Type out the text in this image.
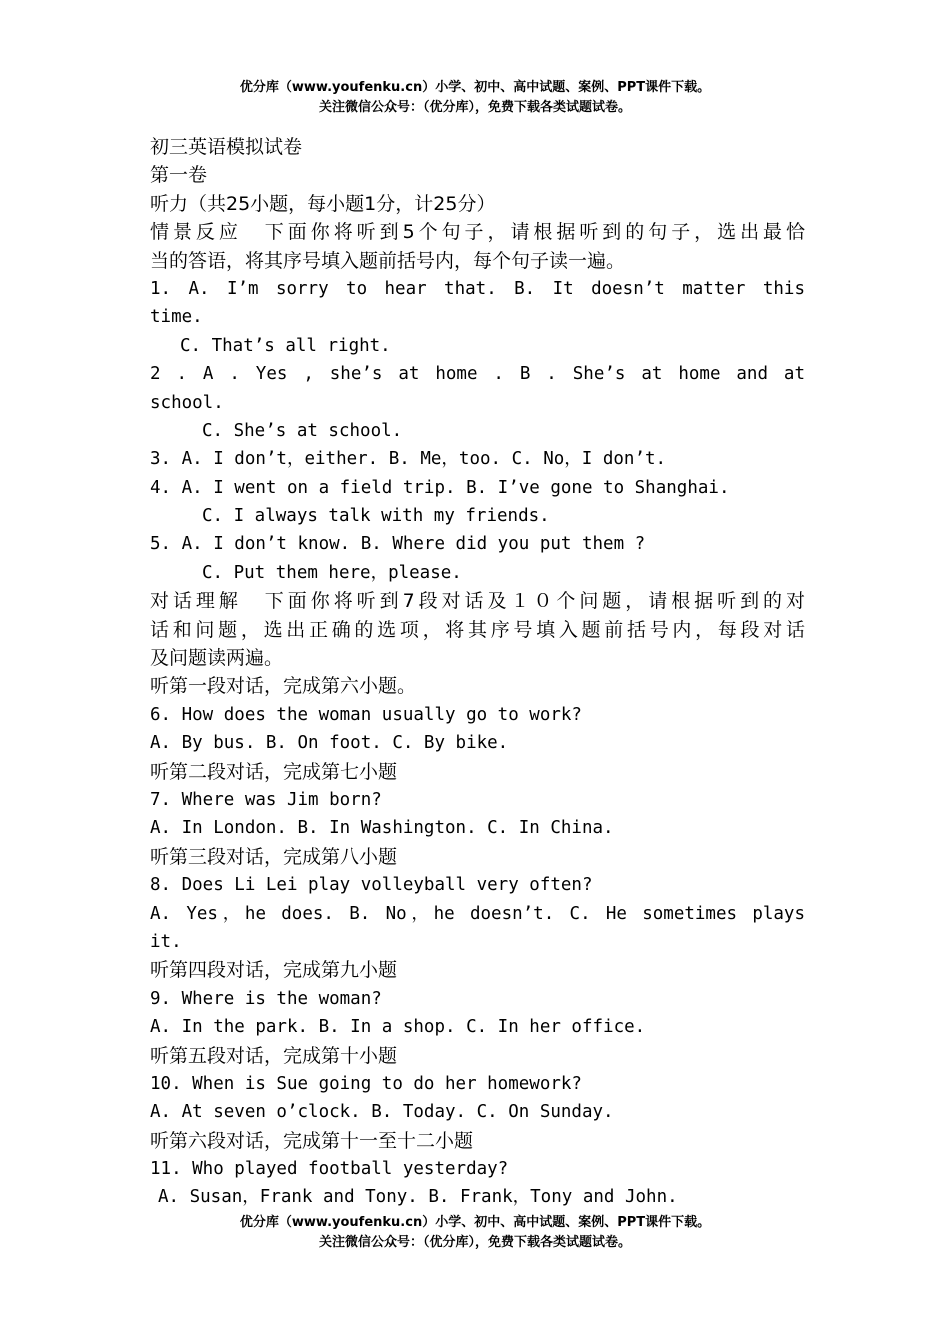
优分库（www.youfenku.cn）小学、初中、高中试题、案例、PPT课件下载。
关注微信公众号：（优分库），免费下载各类试题试卷。
初三英语模拟试卷
第一卷
听力（共25小题，每小题1分，计25分）
情景反应　下面你将听到5个句子，请根据听到的句子，选出最恰
当的答语，将其序号填入题前括号内，每个句子读一遍。
1. A. I’m sorry to hear that. B. It doesn’t matter this
time.
C. That’s all right.
2 . A . Yes , she’s at home . B . She’s at home and at
school.
C. She’s at school.
3. A. I don’t，either. B. Me，too. C. No，I don’t.
4. A. I went on a field trip. B. I’ve gone to Shanghai.
C. I always talk with my friends.
5. A. I don’t know. B. Where did you put them ?
C. Put them here，please.
对话理解　下面你将听到7段对话及１０个问题，请根据听到的对
话和问题，选出正确的选项，将其序号填入题前括号内，每段对话
及问题读两遍。
听第一段对话，完成第六小题。
6. How does the woman usually go to work?
A. By bus. B. On foot. C. By bike.
听第二段对话，完成第七小题
7. Where was Jim born?
A. In London. B. In Washington. C. In China.
听第三段对话，完成第八小题
8. Does Li Lei play volleyball very often?
A. Yes，he does. B. No，he doesn’t. C. He sometimes plays
it.
听第四段对话，完成第九小题
9. Where is the woman?
A. In the park. B. In a shop. C. In her office.
听第五段对话，完成第十小题
10. When is Sue going to do her homework?
A. At seven o’clock. B. Today. C. On Sunday.
听第六段对话，完成第十一至十二小题
11. Who played football yesterday?
A. Susan，Frank and Tony. B. Frank，Tony and John.
优分库（www.youfenku.cn）小学、初中、高中试题、案例、PPT课件下载。
关注微信公众号：（优分库），免费下载各类试题试卷。
